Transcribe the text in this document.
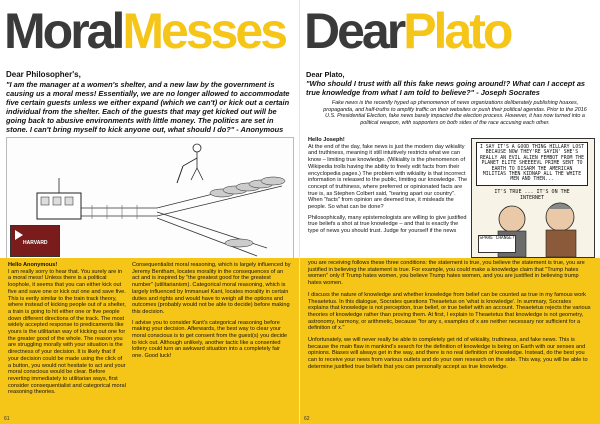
MoralMesses
Dear Philosopher's,
"I am the manager at a women's shelter, and a new law by the government is causing us a moral mess! Essentially, we are no longer allowed to accommodate five certain guests unless we either expand (which we can't) or kick out a certain individual from the shelter. Each of the guests that may get kicked out will be going back to abusive environments with little money. The politics are set in stone. I can't bring myself to kick anyone out, what should I do?" - Anonymous
HARVARD
Hello Anonymous!

I am really sorry to hear that. You surely are in a moral mess! Unless there is a political loophole, it seems that you can either kick out five and save one or kick out one and save five. This is eerily similar to the train track theory, where instead of kicking people out of a shelter, a train is going to hit either one or five people down different directions of the track. The most widely accepted response to predicaments like yours is the utilitarian way of kicking out one for the greater good of the whole. The reason you are struggling morally with your situation is the directness of your decision. It is likely that if your decision could be made using the click of a button, you would not hesitate to act and your moral conscious would be clear. Before reverting immediately to utilitarian ways, first consider consequentialist and categorical moral reasoning theories.

Consequentialist moral reasoning, which is largely influenced by Jeremy Bentham, locates morality in the consequences of an act and is inspired by "the greatest good for the greatest number" (utilitarianism). Categorical moral reasoning, which is largely influenced by Immanuel Kant, locates morality in certain duties and rights and would have to weigh all the options and outcomes (probably would not be able to decide) before making this decision.

I advise you to consider Kant's categorical reasoning before making your decision. Afterwards, the best way to clear your moral conscious is to get consent from the guest(s) you decide to kick out. Although unlikely, another tactic like a consented lottery could turn an awkward situation into a completely fair one. Good luck!

61
DearPlato
Dear Plato,
"Who should I trust with all this fake news going around!? What can I accept as true knowledge from what I am told to believe?" - Joseph Socrates
Fake news is the recently hyped up phenomenon of news organizations deliberately publishing hoaxes, propaganda, and half-truths to amplify traffic on their websites or push their political agendas. Prior to the 2016 U.S. Presidential Election, fake news barely impacted the election process. However, it has now turned into a political weapon, with supporters on both sides of the race accusing each other.
Hello Joseph!

At the end of the day, fake news is just the modern day wikiality and truthiness, meaning it still intuitively restricts what we can know – limiting true knowledge. (Wikiality is the phenomenon of Wikipedia trolls having the ability to freely edit facts from their encyclopedia pages.) The problem with wikiality is that incorrect information is released to the public, limiting our knowledge. The concept of truthiness, where preferred or opinionated facts are true is, as Stephen Colbert said, "tearing apart our country". When "facts" from opinion are deemed true, it misleads the people. So what can be done?

Philosophically, many epistemologists are willing to give justified true beliefs a shot at true knowledge – and that is exactly the type of news you should trust. Judge for yourself if the news

I SAY IT'S A GOOD THING HILLARY LOST BECAUSE NOW THEY'RE SAYIN' SHE'S REALLY AN EVIL ALIEN FEMBOT FROM THE PLANET ELITE SHEEEEVL PRIME SENT TO EARTH TO DISARM THE AMERICAN MILITIAS THEN KIDNAP ALL THE WHITE MEN AND THEN...
IT'S TRUE ... IT'S ON THE INTERNET
SPARE CHANGE?

you are receiving follows these three conditions: the statement is true, you believe the statement is true, you are justified in believing the statement is true. For example, you could make a knowledge claim that "Trump hates women" only if Trump hates women, you believe Trump hates women, and you are justified in believing trump hates women.

I discuss the nature of knowledge and whether knowledge from belief can be counted as true in my famous work Theaetetus. In this dialogue, Socrates questions Theaetetus on 'what is knowledge'. In summary, Socrates explains that knowledge is not perception, true belief, or true belief with an account. Theaetetus rejects the various theories of knowledge rather than proving them. At first, I explain to Theaetetus that knowledge is not geometry, astronomy, harmony, or arithmetic, because "for any x, examples of x are neither necessary nor sufficient for a definition of x."

Unfortunately, we will never really be able to completely get rid of wikiality, truthiness, and fake news. This is because the main flaw in mankind's search for the definition of knowledge is being on Earth with our senses and opinions. Biases will always get in the way, and there is no real definition of knowledge. Instead, do the best you can to receive your news from various outlets and do your own research on the side. This way, you will be able to determine justified true beliefs that you can personally accept as true knowledge.

62
